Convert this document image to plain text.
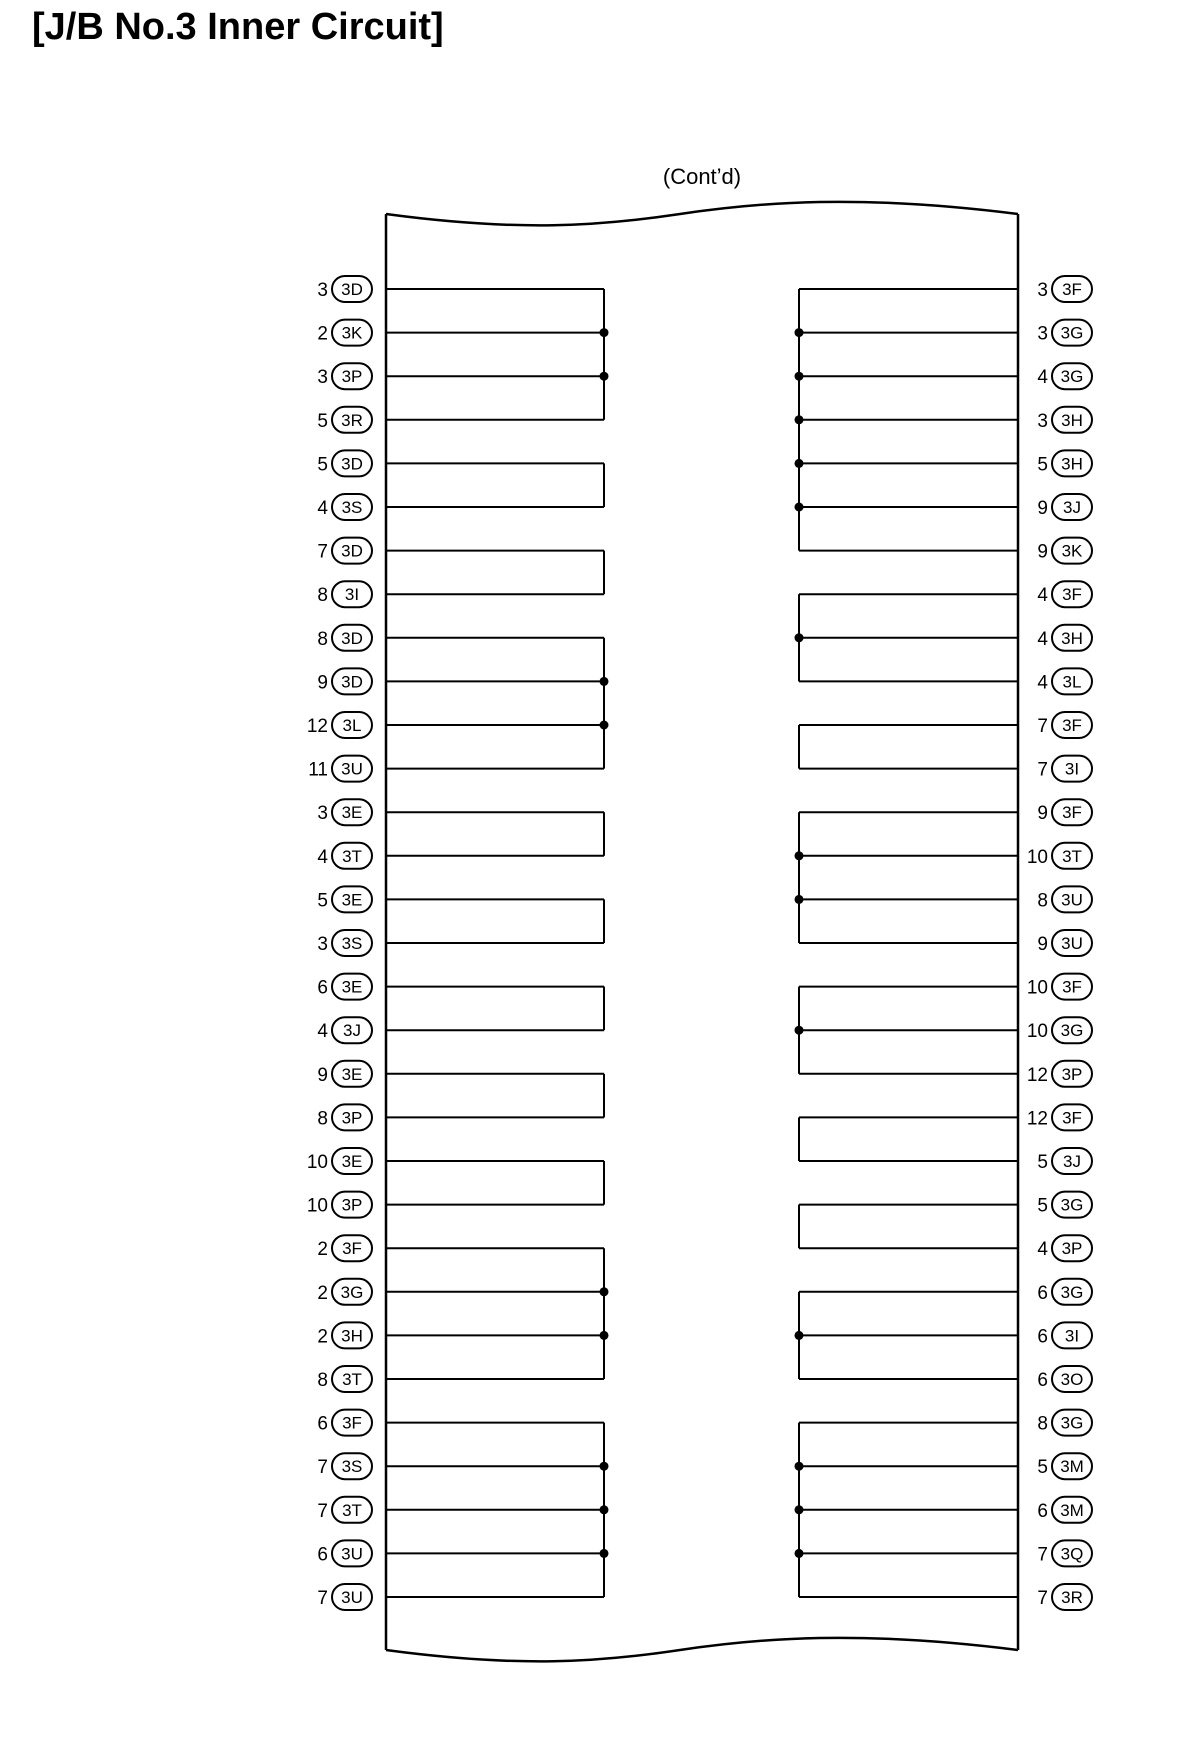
[J/B No.3 Inner Circuit]
(Cont’d)
3 3D
2 3K
3 3P
5 3R
5 3D
4 3S
7 3D
8 3I
8 3D
9 3D
12 3L
11 3U
3 3E
4 3T
5 3E
3 3S
6 3E
4 3J
9 3E
8 3P
10 3E
10 3P
2 3F
2 3G
2 3H
8 3T
6 3F
7 3S
7 3T
6 3U
7 3U
3 3F
3 3G
4 3G
3 3H
5 3H
9 3J
9 3K
4 3F
4 3H
4 3L
7 3F
7 3I
9 3F
10 3T
8 3U
9 3U
10 3F
10 3G
12 3P
12 3F
5 3J
5 3G
4 3P
6 3G
6 3I
6 3O
8 3G
5 3M
6 3M
7 3Q
7 3R
